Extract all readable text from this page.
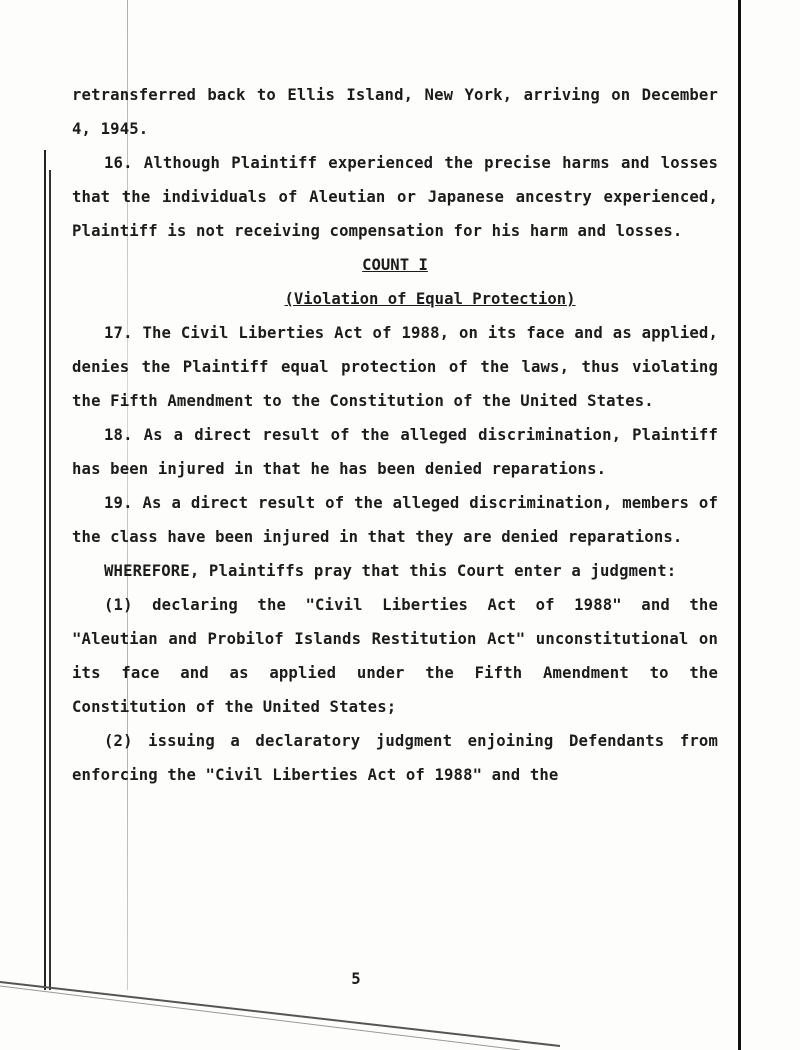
retransferred back to Ellis Island, New York, arriving on December 4, 1945.

16. Although Plaintiff experienced the precise harms and losses that the individuals of Aleutian or Japanese ancestry experienced, Plaintiff is not receiving compensation for his harm and losses.

COUNT I

(Violation of Equal Protection)

17. The Civil Liberties Act of 1988, on its face and as applied, denies the Plaintiff equal protection of the laws, thus violating the Fifth Amendment to the Constitution of the United States.

18. As a direct result of the alleged discrimination, Plaintiff has been injured in that he has been denied reparations.

19. As a direct result of the alleged discrimination, members of the class have been injured in that they are denied reparations.

WHEREFORE, Plaintiffs pray that this Court enter a judgment:

(1) declaring the "Civil Liberties Act of 1988" and the "Aleutian and Probilof Islands Restitution Act" unconstitutional on its face and as applied under the Fifth Amendment to the Constitution of the United States;

(2) issuing a declaratory judgment enjoining Defendants from enforcing the "Civil Liberties Act of 1988" and the

5
